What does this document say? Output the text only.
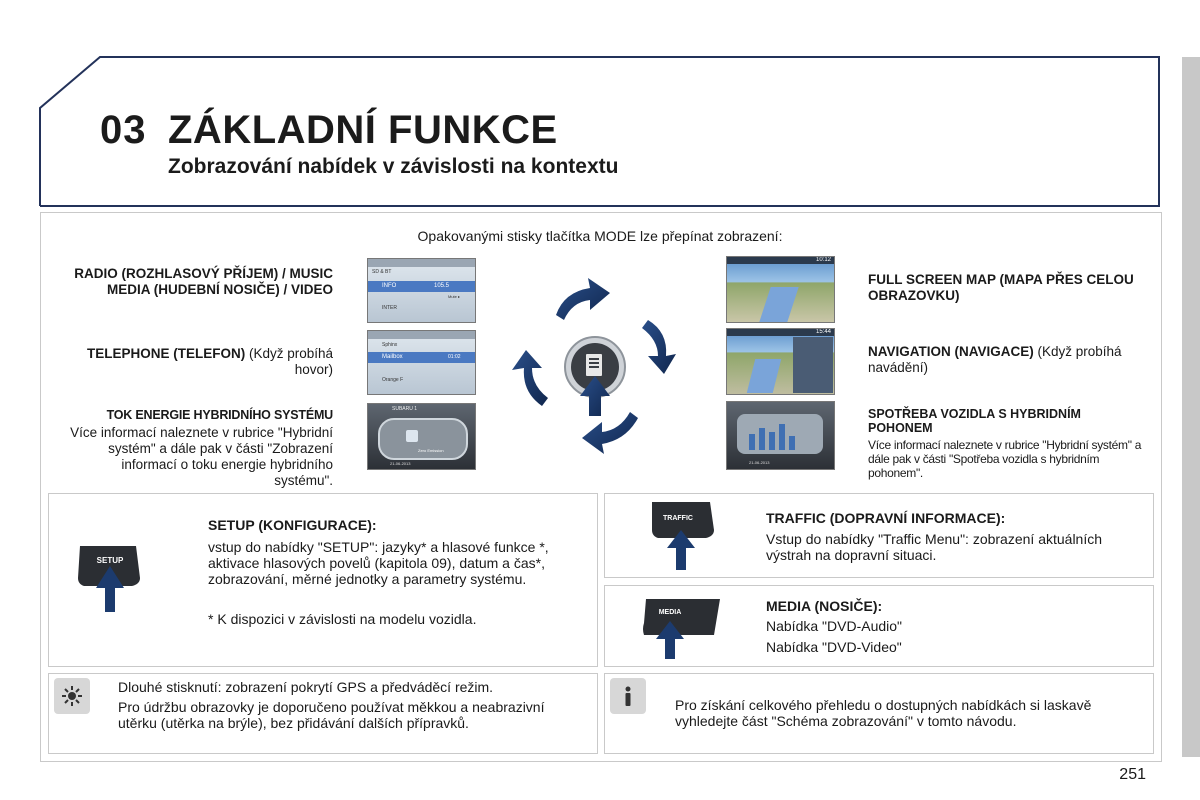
03 ZÁKLADNÍ FUNKCE
Zobrazování nabídek v závislosti na kontextu
Opakovanými stisky tlačítka MODE lze přepínat zobrazení:
RADIO (ROZHLASOVÝ PŘÍJEM) / MUSIC MEDIA (HUDEBNÍ NOSIČE) / VIDEO
TELEPHONE (TELEFON) (Když probíhá hovor)
TOK ENERGIE HYBRIDNÍHO SYSTÉMU
Více informací naleznete v rubrice "Hybridní systém" a dále pak v části "Zobrazení informací o toku energie hybridního systému".
SD & BT
INFO	105.5
Mute ▸
INTER
Sphinx
Mailbox	01:02
Orange F
SUBARU 1
Zero Emission
21-06-2013
10:12
15:44
21-06-2013
FULL SCREEN MAP (MAPA PŘES CELOU OBRAZOVKU)
NAVIGATION (NAVIGACE) (Když probíhá navádění)
SPOTŘEBA VOZIDLA S HYBRIDNÍM POHONEM
Více informací naleznete v rubrice "Hybridní systém" a dále pak v části "Spotřeba vozidla s hybridním pohonem".
SETUP
SETUP (KONFIGURACE):
vstup do nabídky "SETUP": jazyky* a hlasové funkce *, aktivace hlasových povelů (kapitola 09), datum a čas*, zobrazování, měrné jednotky a parametry systému.
* K dispozici v závislosti na modelu vozidla.
TRAFFIC	TRAFFIC (DOPRAVNÍ INFORMACE):
Vstup do nabídky "Traffic Menu": zobrazení aktuálních výstrah na dopravní situaci.
MEDIA	MEDIA (NOSIČE):
Nabídka "DVD-Audio"
Nabídka "DVD-Video"
Dlouhé stisknutí: zobrazení pokrytí GPS a předváděcí režim.
Pro údržbu obrazovky je doporučeno používat měkkou a neabrazivní utěrku (utěrka na brýle), bez přidávání dalších přípravků.
Pro získání celkového přehledu o dostupných nabídkách si laskavě vyhledejte část "Schéma zobrazování" v tomto návodu.
251
